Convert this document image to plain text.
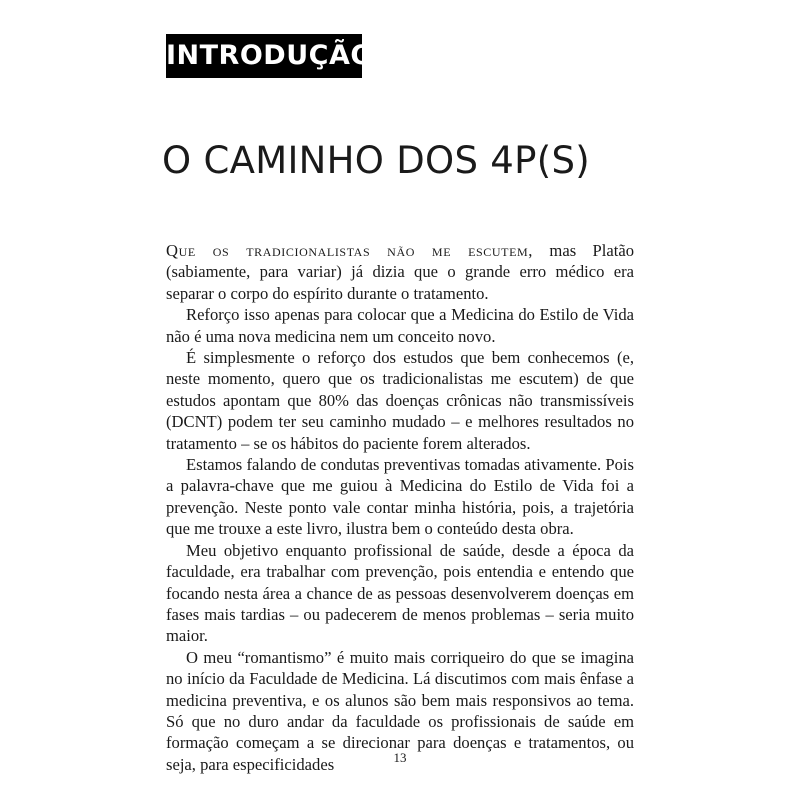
INTRODUÇÃO
O CAMINHO DOS 4P(S)

Que os tradicionalistas não me escutem, mas Platão (sabiamente, para variar) já dizia que o grande erro médico era separar o corpo do espírito durante o tratamento.

Reforço isso apenas para colocar que a Medicina do Estilo de Vida não é uma nova medicina nem um conceito novo.

É simplesmente o reforço dos estudos que bem conhecemos (e, neste momento, quero que os tradicionalistas me escutem) de que estudos apontam que 80% das doenças crônicas não transmissíveis (DCNT) podem ter seu caminho mudado – e melhores resultados no tratamento – se os hábitos do paciente forem alterados.

Estamos falando de condutas preventivas tomadas ativamente. Pois a palavra-chave que me guiou à Medicina do Estilo de Vida foi a prevenção. Neste ponto vale contar minha história, pois, a trajetória que me trouxe a este livro, ilustra bem o conteúdo desta obra.

Meu objetivo enquanto profissional de saúde, desde a época da faculdade, era trabalhar com prevenção, pois entendia e entendo que focando nesta área a chance de as pessoas desenvolverem doenças em fases mais tardias – ou padecerem de menos problemas – seria muito maior.

O meu “romantismo” é muito mais corriqueiro do que se imagina no início da Faculdade de Medicina. Lá discutimos com mais ênfase a medicina preventiva, e os alunos são bem mais responsivos ao tema. Só que no duro andar da faculdade os profissionais de saúde em formação começam a se direcionar para doenças e tratamentos, ou seja, para especificidades	13
